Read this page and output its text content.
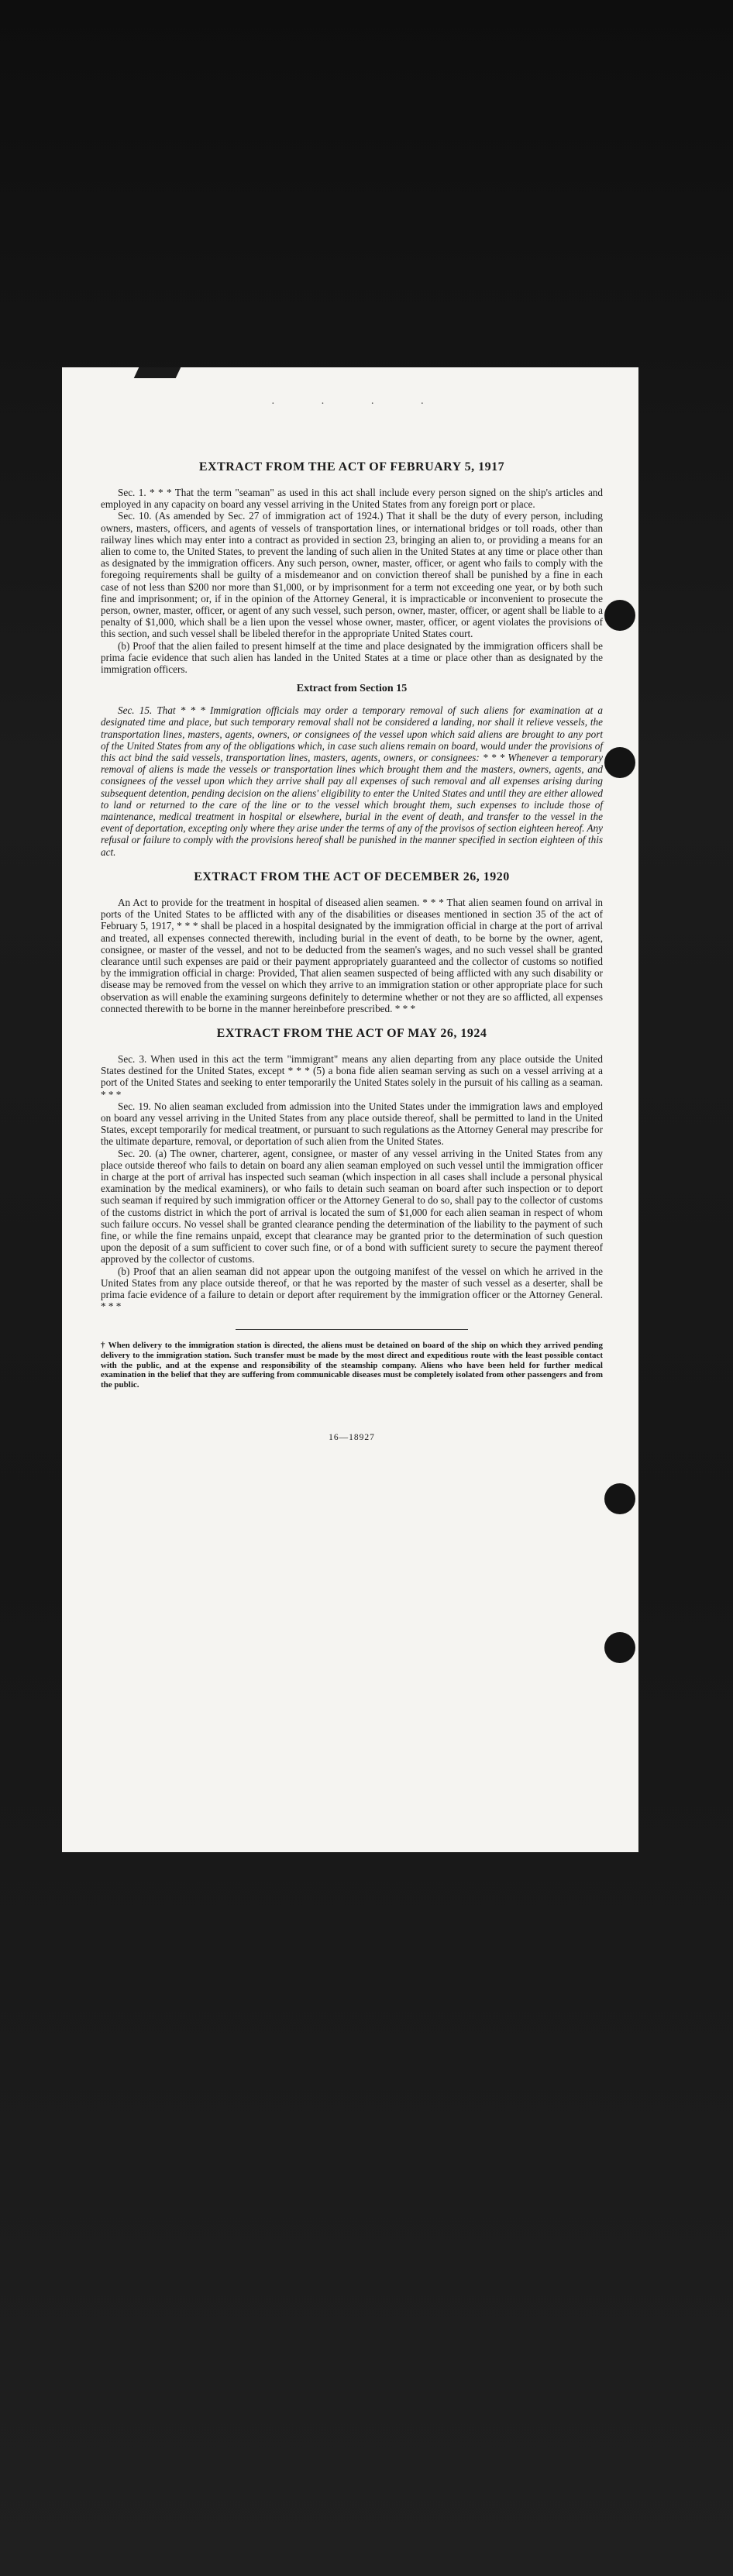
· · · ·
EXTRACT FROM THE ACT OF FEBRUARY 5, 1917

Sec. 1. * * * That the term "seaman" as used in this act shall include every person signed on the ship's articles and employed in any capacity on board any vessel arriving in the United States from any foreign port or place.

Sec. 10. (As amended by Sec. 27 of immigration act of 1924.) That it shall be the duty of every person, including owners, masters, officers, and agents of vessels of transportation lines, or international bridges or toll roads, other than railway lines which may enter into a contract as provided in section 23, bringing an alien to, or providing a means for an alien to come to, the United States, to prevent the landing of such alien in the United States at any time or place other than as designated by the immigration officers. Any such person, owner, master, officer, or agent who fails to comply with the foregoing requirements shall be guilty of a misdemeanor and on conviction thereof shall be punished by a fine in each case of not less than $200 nor more than $1,000, or by imprisonment for a term not exceeding one year, or by both such fine and imprisonment; or, if in the opinion of the Attorney General, it is impracticable or inconvenient to prosecute the person, owner, master, officer, or agent of any such vessel, such person, owner, master, officer, or agent shall be liable to a penalty of $1,000, which shall be a lien upon the vessel whose owner, master, officer, or agent violates the provisions of this section, and such vessel shall be libeled therefor in the appropriate United States court.

(b) Proof that the alien failed to present himself at the time and place designated by the immigration officers shall be prima facie evidence that such alien has landed in the United States at a time or place other than as designated by the immigration officers.

Extract from Section 15

Sec. 15. That * * * Immigration officials may order a temporary removal of such aliens for examination at a designated time and place, but such temporary removal shall not be considered a landing, nor shall it relieve vessels, the transportation lines, masters, agents, owners, or consignees of the vessel upon which said aliens are brought to any port of the United States from any of the obligations which, in case such aliens remain on board, would under the provisions of this act bind the said vessels, transportation lines, masters, agents, owners, or consignees: * * * Whenever a temporary removal of aliens is made the vessels or transportation lines which brought them and the masters, owners, agents, and consignees of the vessel upon which they arrive shall pay all expenses of such removal and all expenses arising during subsequent detention, pending decision on the aliens' eligibility to enter the United States and until they are either allowed to land or returned to the care of the line or to the vessel which brought them, such expenses to include those of maintenance, medical treatment in hospital or elsewhere, burial in the event of death, and transfer to the vessel in the event of deportation, excepting only where they arise under the terms of any of the provisos of section eighteen hereof. Any refusal or failure to comply with the provisions hereof shall be punished in the manner specified in section eighteen of this act.

EXTRACT FROM THE ACT OF DECEMBER 26, 1920

An Act to provide for the treatment in hospital of diseased alien seamen. * * * That alien seamen found on arrival in ports of the United States to be afflicted with any of the disabilities or diseases mentioned in section 35 of the act of February 5, 1917, * * * shall be placed in a hospital designated by the immigration official in charge at the port of arrival and treated, all expenses connected therewith, including burial in the event of death, to be borne by the owner, agent, consignee, or master of the vessel, and not to be deducted from the seamen's wages, and no such vessel shall be granted clearance until such expenses are paid or their payment appropriately guaranteed and the collector of customs so notified by the immigration official in charge: Provided, That alien seamen suspected of being afflicted with any such disability or disease may be removed from the vessel on which they arrive to an immigration station or other appropriate place for such observation as will enable the examining surgeons definitely to determine whether or not they are so afflicted, all expenses connected therewith to be borne in the manner hereinbefore prescribed. * * *

EXTRACT FROM THE ACT OF MAY 26, 1924

Sec. 3. When used in this act the term "immigrant" means any alien departing from any place outside the United States destined for the United States, except * * * (5) a bona fide alien seaman serving as such on a vessel arriving at a port of the United States and seeking to enter temporarily the United States solely in the pursuit of his calling as a seaman. * * *

Sec. 19. No alien seaman excluded from admission into the United States under the immigration laws and employed on board any vessel arriving in the United States from any place outside thereof, shall be permitted to land in the United States, except temporarily for medical treatment, or pursuant to such regulations as the Attorney General may prescribe for the ultimate departure, removal, or deportation of such alien from the United States.

Sec. 20. (a) The owner, charterer, agent, consignee, or master of any vessel arriving in the United States from any place outside thereof who fails to detain on board any alien seaman employed on such vessel until the immigration officer in charge at the port of arrival has inspected such seaman (which inspection in all cases shall include a personal physical examination by the medical examiners), or who fails to detain such seaman on board after such inspection or to deport such seaman if required by such immigration officer or the Attorney General to do so, shall pay to the collector of customs of the customs district in which the port of arrival is located the sum of $1,000 for each alien seaman in respect of whom such failure occurs. No vessel shall be granted clearance pending the determination of the liability to the payment of such fine, or while the fine remains unpaid, except that clearance may be granted prior to the determination of such question upon the deposit of a sum sufficient to cover such fine, or of a bond with sufficient surety to secure the payment thereof approved by the collector of customs.

(b) Proof that an alien seaman did not appear upon the outgoing manifest of the vessel on which he arrived in the United States from any place outside thereof, or that he was reported by the master of such vessel as a deserter, shall be prima facie evidence of a failure to detain or deport after requirement by the immigration officer or the Attorney General. * * *

† When delivery to the immigration station is directed, the aliens must be detained on board of the ship on which they arrived pending delivery to the immigration station. Such transfer must be made by the most direct and expeditious route with the least possible contact with the public, and at the expense and responsibility of the steamship company. Aliens who have been held for further medical examination in the belief that they are suffering from communicable diseases must be completely isolated from other passengers and from the public.
16—18927
